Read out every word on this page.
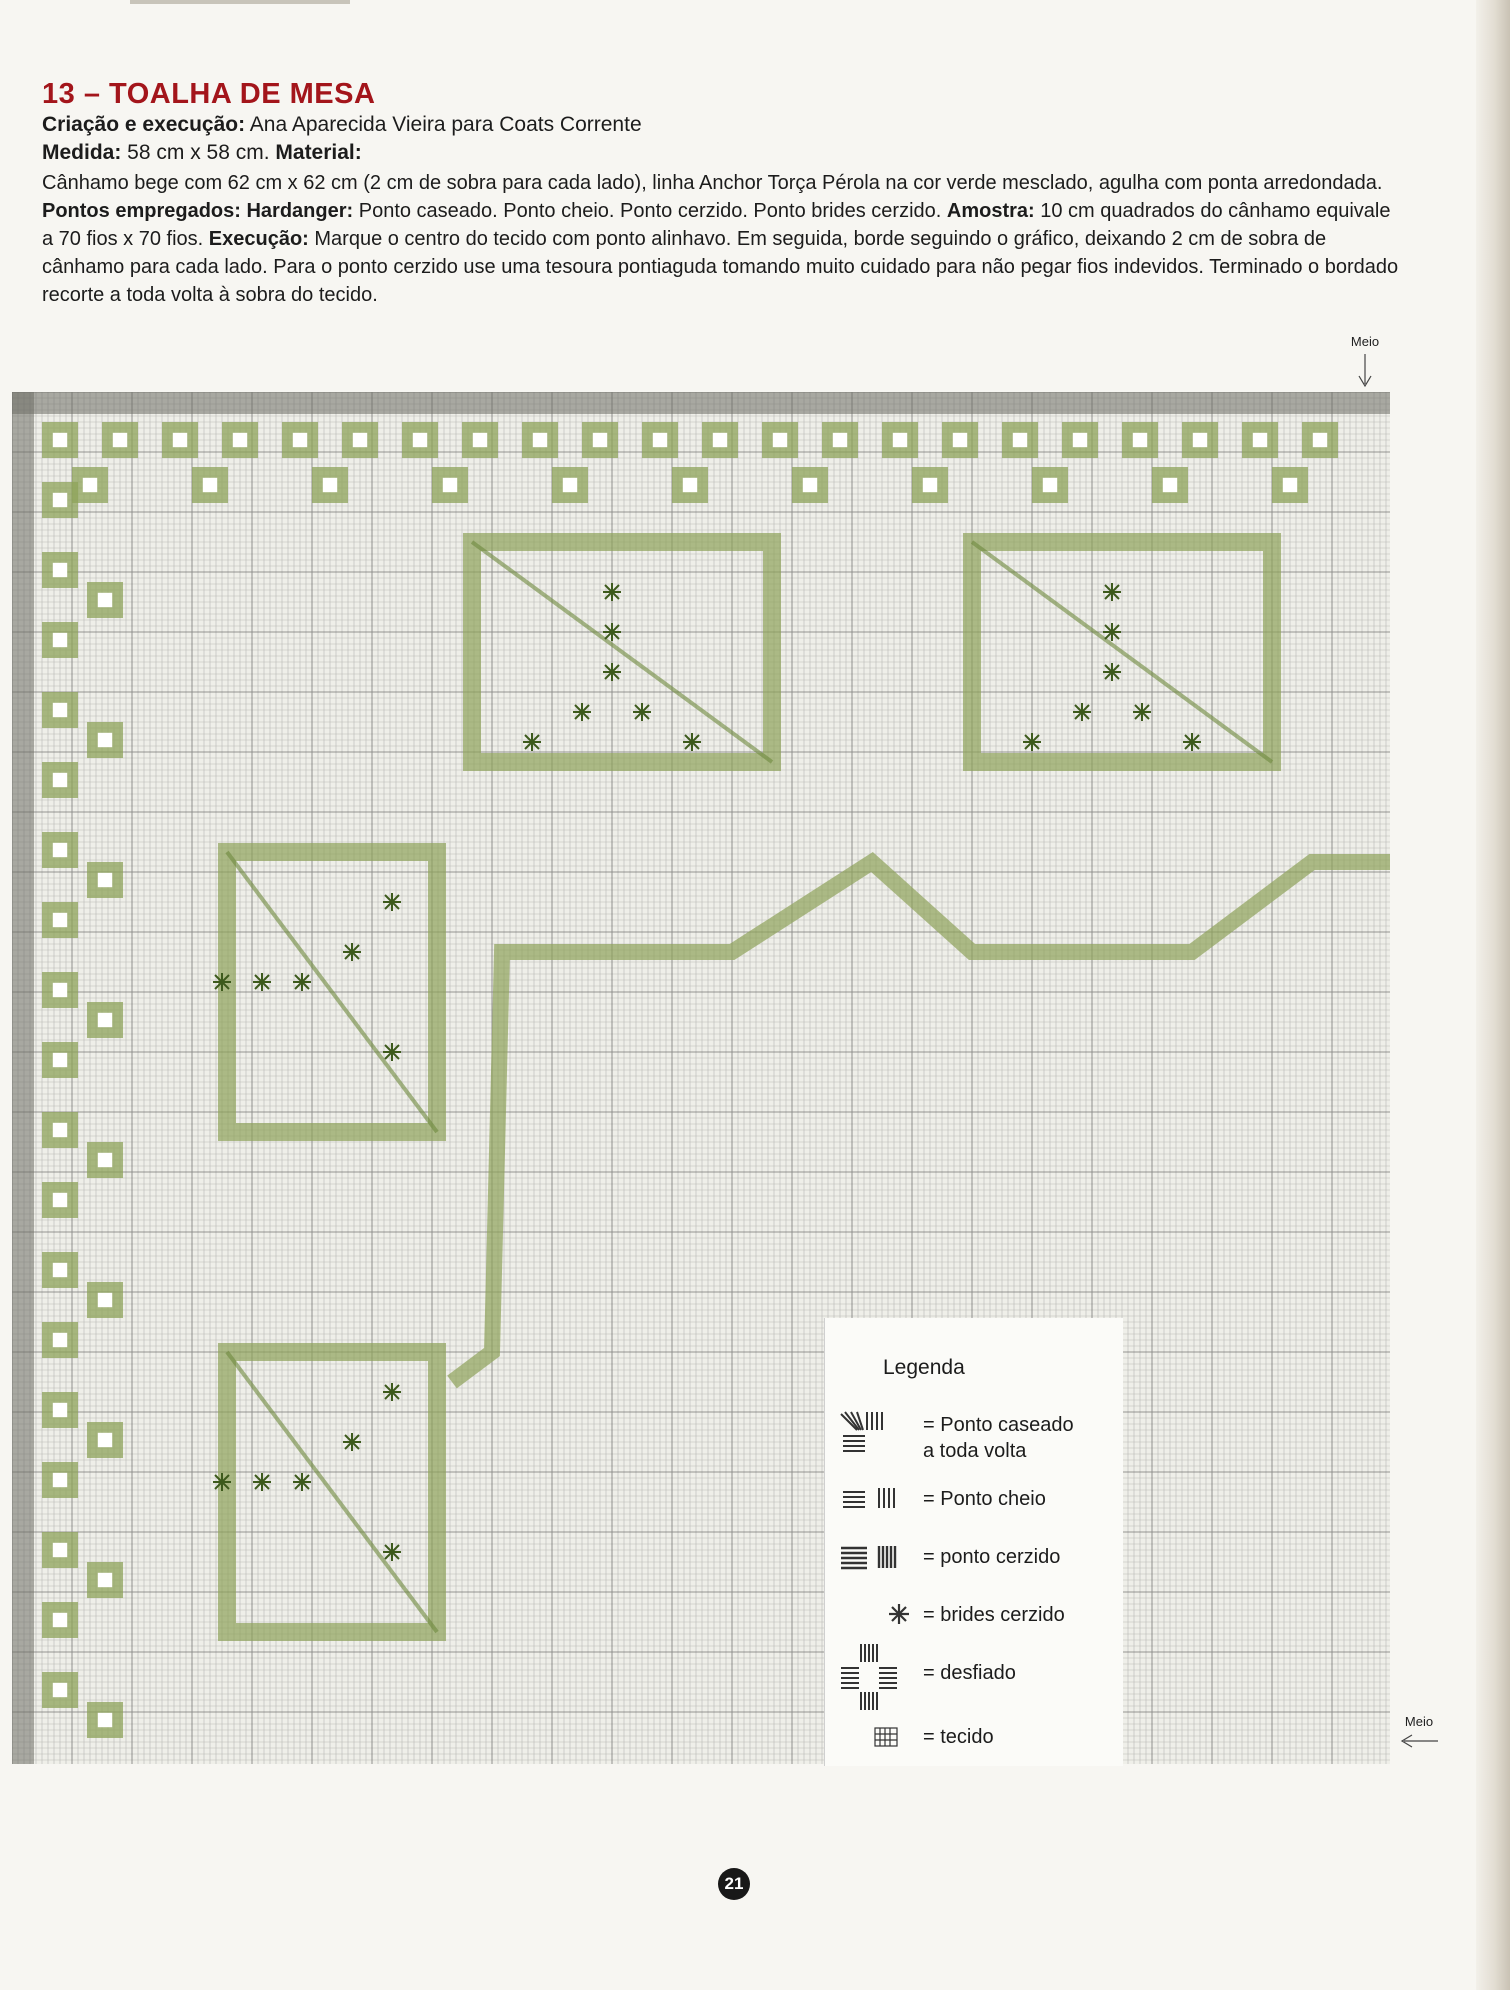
13 – TOALHA DE MESA
Criação e execução: Ana Aparecida Vieira para Coats Corrente
Medida: 58 cm x 58 cm. Material:
Cânhamo bege com 62 cm x 62 cm (2 cm de sobra para cada lado), linha Anchor Torça Pérola na cor verde mesclado, agulha com ponta arredondada. Pontos empregados: Hardanger: Ponto caseado. Ponto cheio. Ponto cerzido. Ponto brides cerzido. Amostra: 10 cm quadrados do cânhamo equivale a 70 fios x 70 fios. Execução: Marque o centro do tecido com ponto alinhavo. Em seguida, borde seguindo o gráfico, deixando 2 cm de sobra de cânhamo para cada lado. Para o ponto cerzido use uma tesoura pontiaguda tomando muito cuidado para não pegar fios indevidos. Terminado o bordado recorte a toda volta à sobra do tecido.
Meio
Meio
Legenda
= Ponto caseado
a toda volta
= Ponto cheio
= ponto cerzido
= brides cerzido
= desfiado
= tecido
21
